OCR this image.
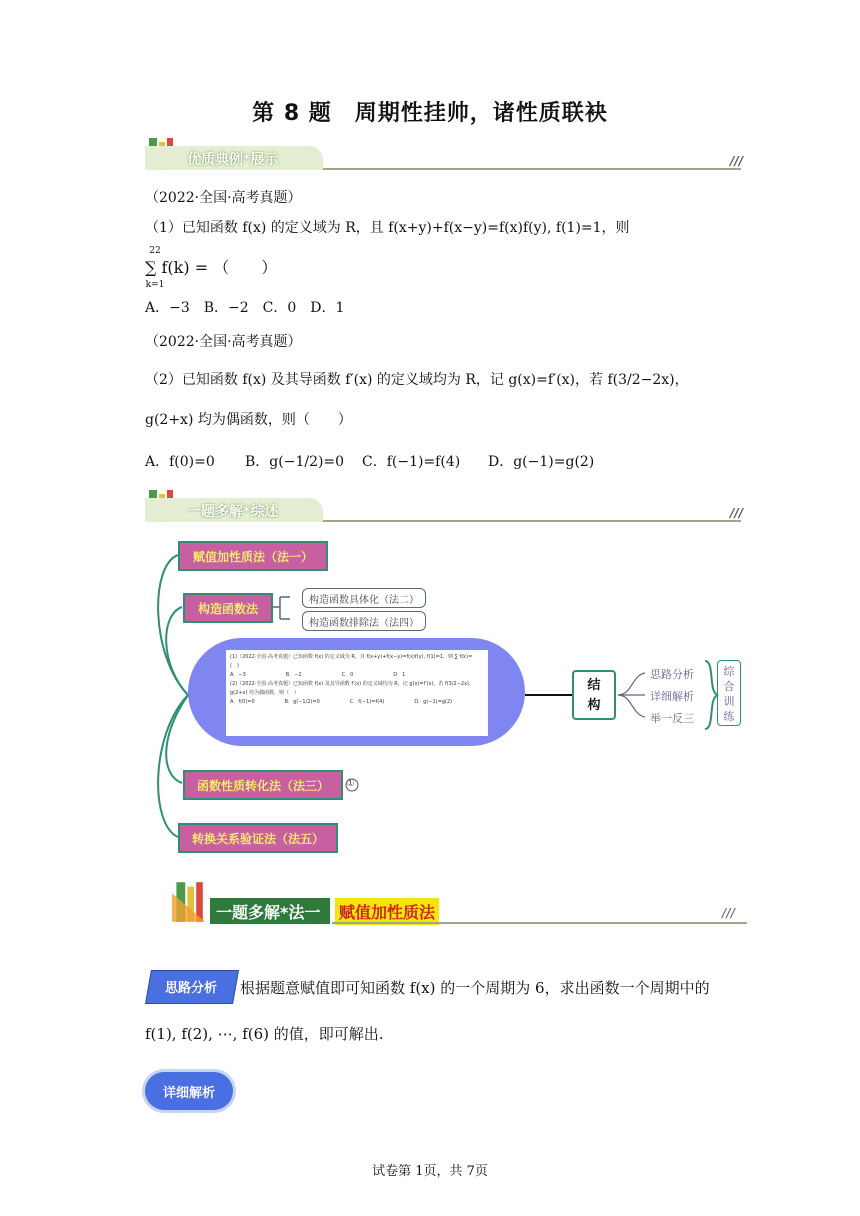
第 8 题　周期性挂帅，诸性质联袂
优质典例*展示	///
（2022·全国·高考真题）
（1）已知函数 f(x) 的定义域为 R，且 f(x+y)+f(x−y)=f(x)f(y), f(1)=1，则
22
∑ f(k) = （　　）
k=1
A．−3　B．−2　C．0　D．1
（2022·全国·高考真题）
（2）已知函数 f(x) 及其导函数 f′(x) 的定义域均为 R，记 g(x)=f′(x)，若 f(3/2−2x)，
g(2+x) 均为偶函数，则（　　）
A．f(0)=0 B．g(−1/2)=0 C．f(−1)=f(4) D．g(−1)=g(2)
一题多解*综述	///
赋值加性质法（法一）
构造函数法
构造函数具体化（法二）
构造函数排除法（法四）
函数性质转化法（法三）	①
转换关系验证法（法五）
(1)（2022·全国·高考真题）已知函数 f(x) 的定义域为 R，且 f(x+y)+f(x−y)=f(x)f(y), f(1)=1，则 ∑ f(k)=
(　)
A．−3	B．−2	C．0	D．1
(2)（2022·全国·高考真题）已知函数 f(x) 及其导函数 f′(x) 的定义域均为 R，记 g(x)=f′(x)，若 f(3/2−2x)，
g(2+x) 均为偶函数，则（　）
A．f(0)=0	B．g(−1/2)=0	C．f(−1)=f(4)	D．g(−1)=g(2)
结
构
思路分析
详细解析
举一反三
综
合
训
练
一题多解*法一 赋值加性质法	///
思路分析	根据题意赋值即可知函数 f(x) 的一个周期为 6，求出函数一个周期中的
f(1), f(2), ⋯, f(6) 的值，即可解出.
详细解析
试卷第 1页，共 7页
